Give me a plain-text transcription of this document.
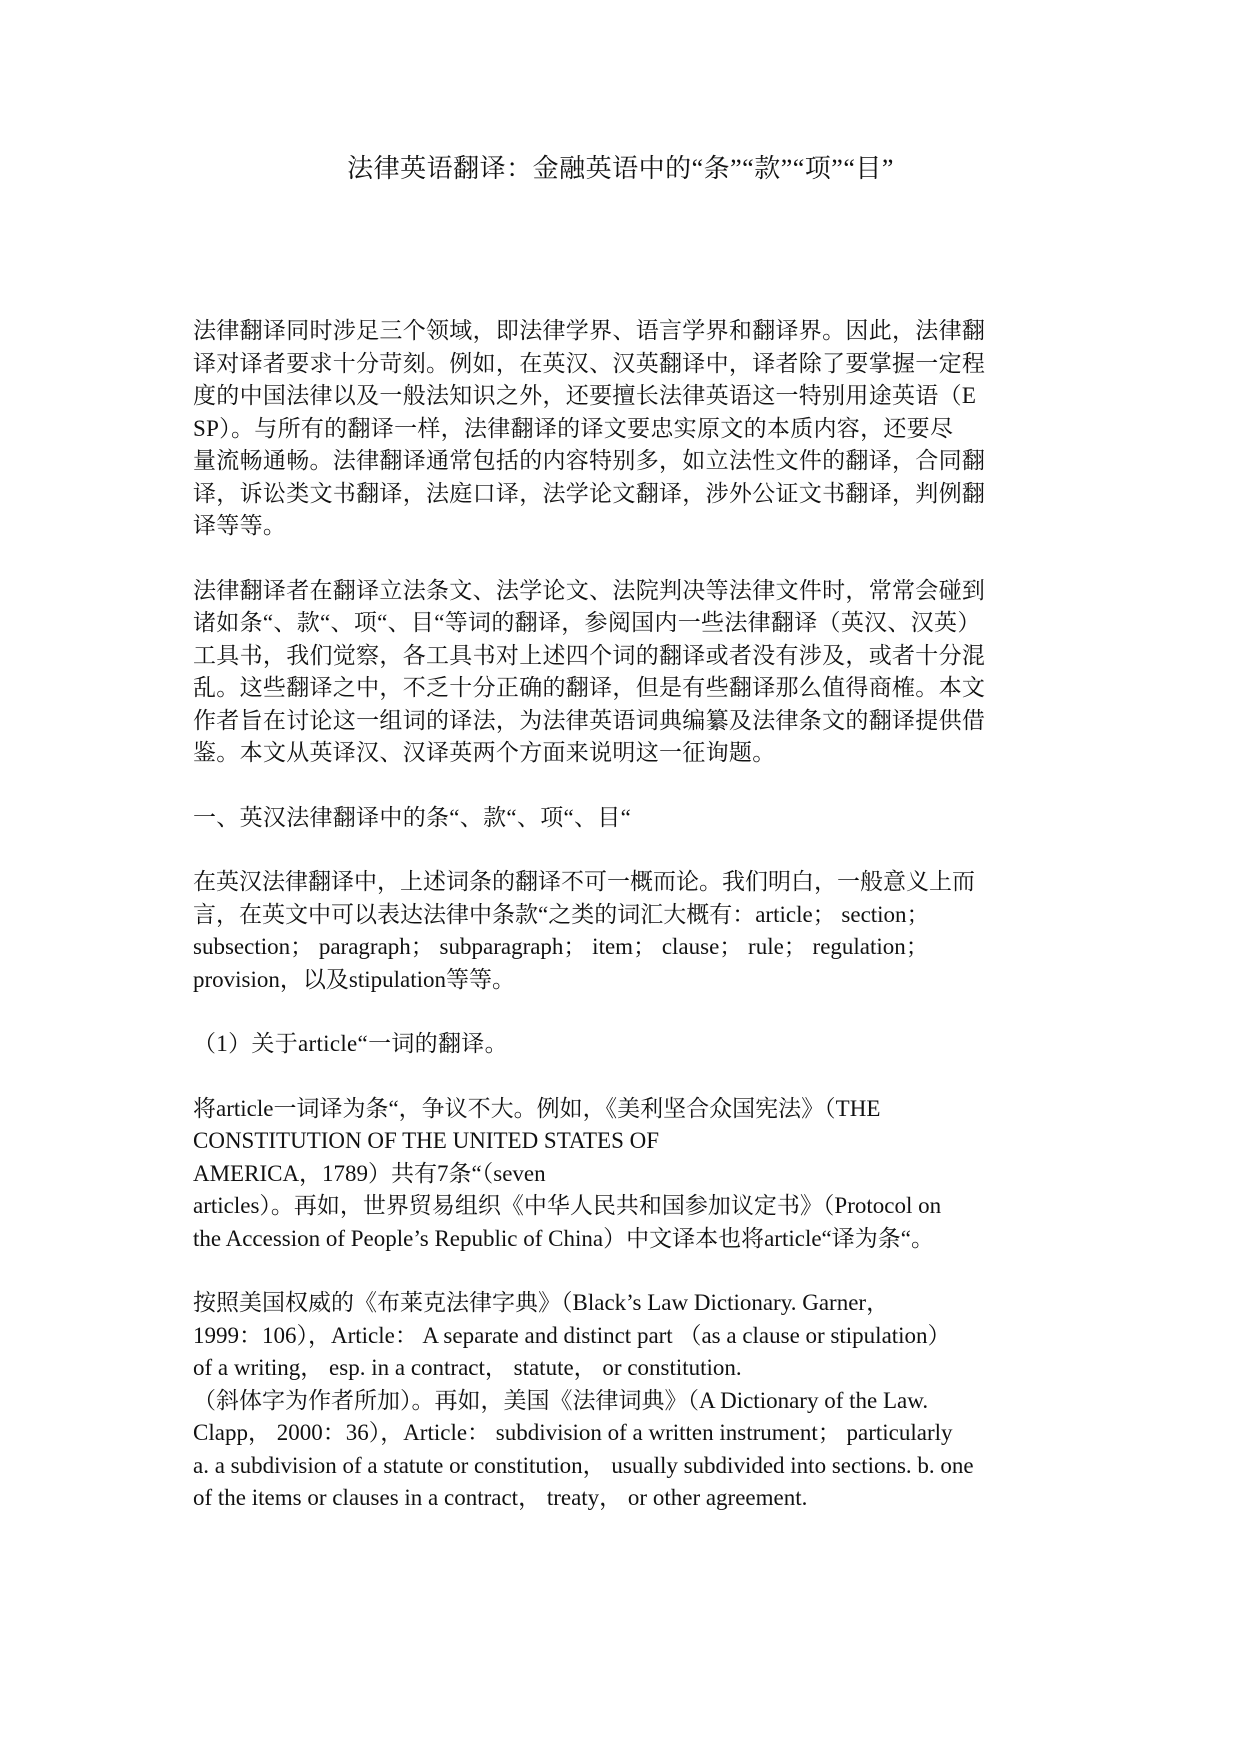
法律英语翻译：金融英语中的“条”“款”“项”“目”
法律翻译同时涉足三个领域，即法律学界、语言学界和翻译界。因此，法律翻
译对译者要求十分苛刻。例如，在英汉、汉英翻译中，译者除了要掌握一定程
度的中国法律以及一般法知识之外，还要擅长法律英语这一特别用途英语（E
SP）。与所有的翻译一样，法律翻译的译文要忠实原文的本质内容，还要尽
量流畅通畅。法律翻译通常包括的内容特别多，如立法性文件的翻译，合同翻
译，诉讼类文书翻译，法庭口译，法学论文翻译，涉外公证文书翻译，判例翻
译等等。
法律翻译者在翻译立法条文、法学论文、法院判决等法律文件时，常常会碰到
诸如条“、款“、项“、目“等词的翻译，参阅国内一些法律翻译（英汉、汉英）
工具书，我们觉察，各工具书对上述四个词的翻译或者没有涉及，或者十分混
乱。这些翻译之中，不乏十分正确的翻译，但是有些翻译那么值得商榷。本文
作者旨在讨论这一组词的译法，为法律英语词典编纂及法律条文的翻译提供借
鉴。本文从英译汉、汉译英两个方面来说明这一征询题。
一、英汉法律翻译中的条“、款“、项“、目“
在英汉法律翻译中，上述词条的翻译不可一概而论。我们明白，一般意义上而
言，在英文中可以表达法律中条款“之类的词汇大概有：article； section；
subsection； paragraph； subparagraph； item； clause； rule； regulation；
provision，以及stipulation等等。
（1）关于article“一词的翻译。
将article一词译为条“，争议不大。例如，《美利坚合众国宪法》（THE
CONSTITUTION OF THE UNITED STATES OF
AMERICA，1789）共有7条“（seven
articles）。再如，世界贸易组织《中华人民共和国参加议定书》（Protocol on
the Accession of People’s Republic of China）中文译本也将article“译为条“。
按照美国权威的《布莱克法律字典》（Black’s Law Dictionary. Garner，
1999：106），Article： A separate and distinct part （as a clause or stipulation）
of a writing， esp. in a contract， statute， or constitution.
（斜体字为作者所加）。再如，美国《法律词典》（A Dictionary of the Law.
Clapp， 2000：36），Article： subdivision of a written instrument； particularly
a. a subdivision of a statute or constitution， usually subdivided into sections. b. one
of the items or clauses in a contract， treaty， or other agreement.
